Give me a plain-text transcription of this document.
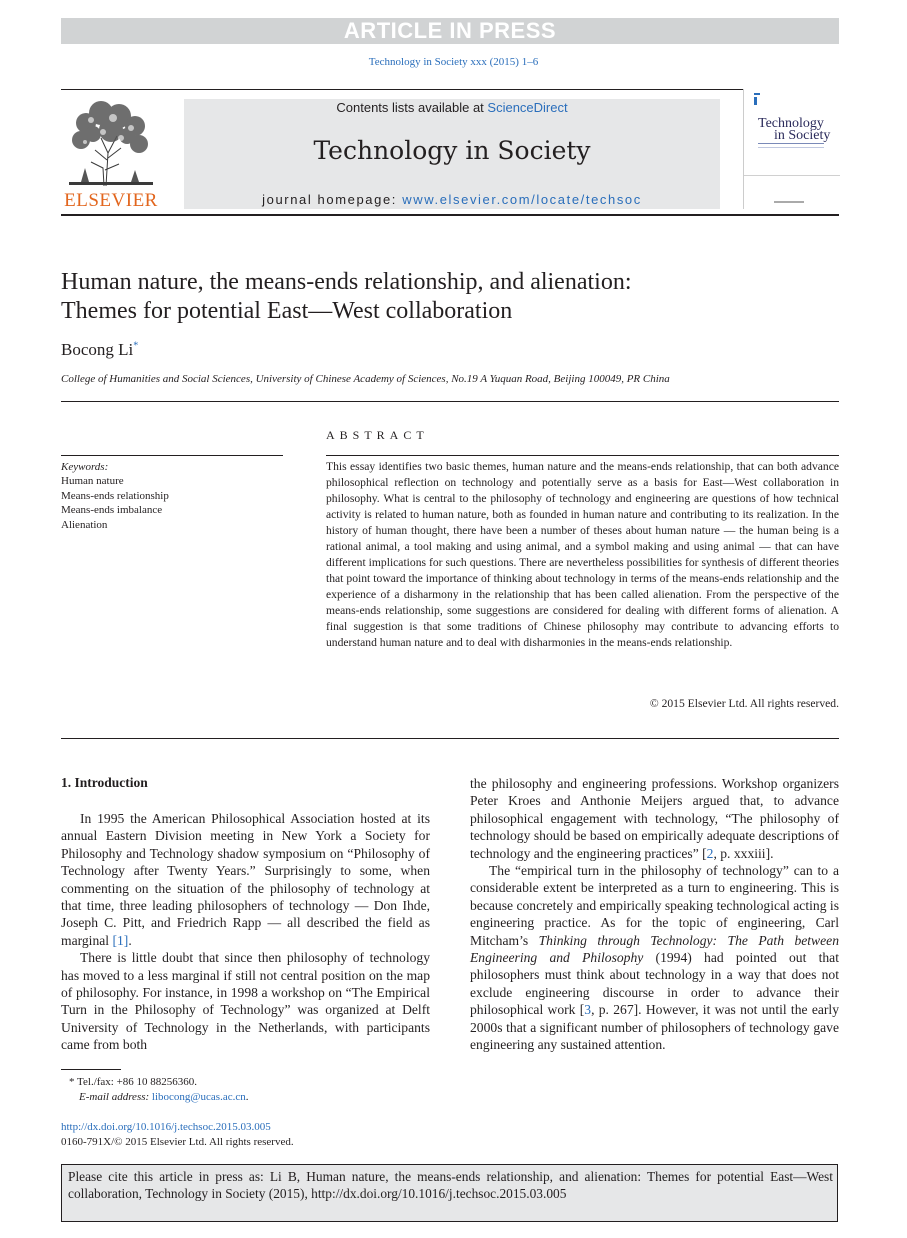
ARTICLE IN PRESS
Technology in Society xxx (2015) 1–6
ELSEVIER
Contents lists available at ScienceDirect
Technology in Society
journal homepage: www.elsevier.com/locate/techsoc
Technology
in Society
Human nature, the means-ends relationship, and alienation:
Themes for potential East—West collaboration
Bocong Li*
College of Humanities and Social Sciences, University of Chinese Academy of Sciences, No.19 A Yuquan Road, Beijing 100049, PR China
ABSTRACT
Keywords:
Human nature
Means-ends relationship
Means-ends imbalance
Alienation
This essay identifies two basic themes, human nature and the means-ends relationship, that can both advance philosophical reflection on technology and potentially serve as a basis for East—West collaboration in philosophy. What is central to the philosophy of technology and engineering are questions of how technical activity is related to human nature, both as founded in human nature and contributing to its realization. In the history of human thought, there have been a number of theses about human nature — the human being is a rational animal, a tool making and using animal, and a symbol making and using animal — that can have different implications for such questions. There are nevertheless possibilities for synthesis of different theories that point toward the importance of thinking about technology in terms of the means-ends relationship and the experience of a disharmony in the relationship that has been called alienation. From the perspective of the means-ends relationship, some suggestions are considered for dealing with different forms of alienation. A final suggestion is that some traditions of Chinese philosophy may contribute to advancing efforts to understand human nature and to deal with disharmonies in the means-ends relationship.
© 2015 Elsevier Ltd. All rights reserved.
1. Introduction

In 1995 the American Philosophical Association hosted at its annual Eastern Division meeting in New York a Society for Philosophy and Technology shadow symposium on “Philosophy of Technology after Twenty Years.” Surprisingly to some, when commenting on the situation of the philosophy of technology at that time, three leading philosophers of technology — Don Ihde, Joseph C. Pitt, and Friedrich Rapp — all described the field as marginal [1].

There is little doubt that since then philosophy of technology has moved to a less marginal if still not central position on the map of philosophy. For instance, in 1998 a workshop on “The Empirical Turn in the Philosophy of Technology” was organized at Delft University of Technology in the Netherlands, with participants came from both

the philosophy and engineering professions. Workshop organizers Peter Kroes and Anthonie Meijers argued that, to advance philosophical engagement with technology, “The philosophy of technology should be based on empirically adequate descriptions of technology and the engineering practices” [2, p. xxxiii].

The “empirical turn in the philosophy of technology” can to a considerable extent be interpreted as a turn to engineering. This is because concretely and empirically speaking technological acting is engineering practice. As for the topic of engineering, Carl Mitcham’s Thinking through Technology: The Path between Engineering and Philosophy (1994) had pointed out that philosophers must think about technology in a way that does not exclude engineering discourse in order to advance their philosophical work [3, p. 267]. However, it was not until the early 2000s that a significant number of philosophers of technology gave engineering any sustained attention.

* Tel./fax: +86 10 88256360.
E-mail address: libocong@ucas.ac.cn.
http://dx.doi.org/10.1016/j.techsoc.2015.03.005
0160-791X/© 2015 Elsevier Ltd. All rights reserved.
Please cite this article in press as: Li B, Human nature, the means-ends relationship, and alienation: Themes for potential East—West collaboration, Technology in Society (2015), http://dx.doi.org/10.1016/j.techsoc.2015.03.005
